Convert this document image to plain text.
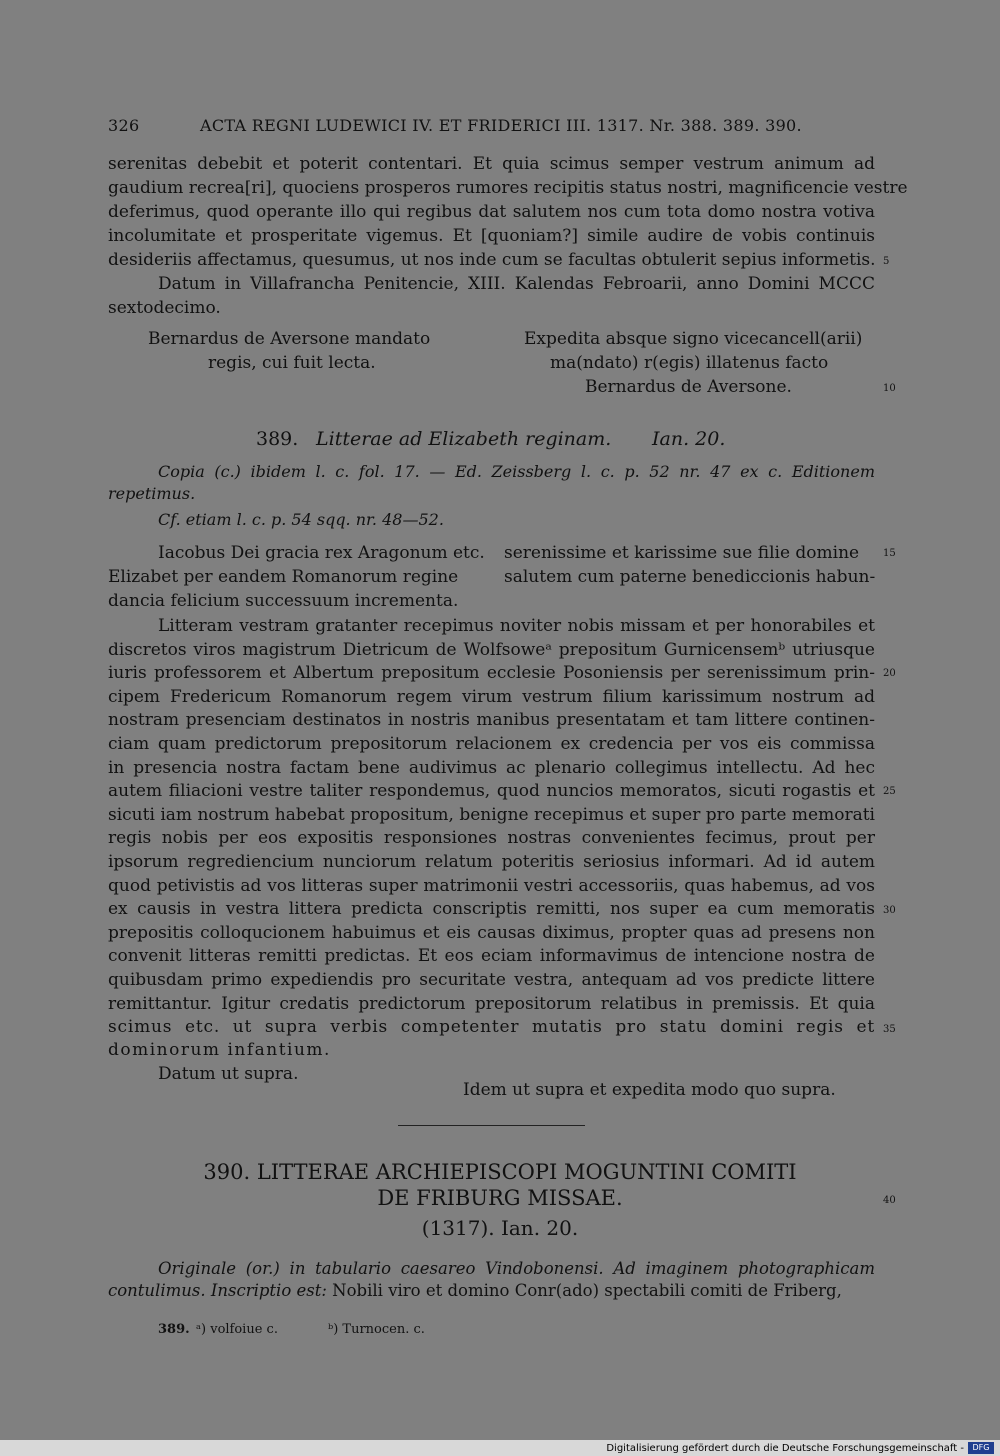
326	ACTA REGNI LUDEWICI IV. ET FRIDERICI III. 1317. Nr. 388. 389. 390.
serenitas debebit et poterit contentari. Et quia scimus semper vestrum animum ad
gaudium recrea[ri], quociens prosperos rumores recipitis status nostri, magnificencie vestre
deferimus, quod operante illo qui regibus dat salutem nos cum tota domo nostra votiva
incolumitate et prosperitate vigemus. Et [quoniam?] simile audire de vobis continuis
desideriis affectamus, quesumus, ut nos inde cum se facultas obtulerit sepius informetis.
Datum in Villafrancha Penitencie, XIII. Kalendas Febroarii, anno Domini MCCC
sextodecimo.
Bernardus de Aversone mandato
regis, cui fuit lecta.
Expedita absque signo vicecancell(arii)
ma(ndato) r(egis) illatenus facto
Bernardus de Aversone.
389. Litterae ad Elizabeth reginam. Ian. 20.
Copia (c.) ibidem l. c. fol. 17. — Ed. Zeissberg l. c. p. 52 nr. 47 ex c. Editionem
repetimus.
Cf. etiam l. c. p. 54 sqq. nr. 48—52.
Iacobus Dei gracia rex Aragonum etc.
Elizabet per eandem Romanorum regine
serenissime et karissime sue filie domine
salutem cum paterne benediccionis habun-
dancia felicium successuum incrementa.
Litteram vestram gratanter recepimus noviter nobis missam et per honorabiles et
discretos viros magistrum Dietricum de Wolfsoweᵃ prepositum Gurnicensemᵇ utriusque
iuris professorem et Albertum prepositum ecclesie Posoniensis per serenissimum prin-
cipem Fredericum Romanorum regem virum vestrum filium karissimum nostrum ad
nostram presenciam destinatos in nostris manibus presentatam et tam littere continen-
ciam quam predictorum prepositorum relacionem ex credencia per vos eis commissa
in presencia nostra factam bene audivimus ac plenario collegimus intellectu. Ad hec
autem filiacioni vestre taliter respondemus, quod nuncios memoratos, sicuti rogastis et
sicuti iam nostrum habebat propositum, benigne recepimus et super pro parte memorati
regis nobis per eos expositis responsiones nostras convenientes fecimus, prout per
ipsorum regrediencium nunciorum relatum poteritis seriosius informari. Ad id autem
quod petivistis ad vos litteras super matrimonii vestri accessoriis, quas habemus, ad vos
ex causis in vestra littera predicta conscriptis remitti, nos super ea cum memoratis
prepositis colloqucionem habuimus et eis causas diximus, propter quas ad presens non
convenit litteras remitti predictas. Et eos eciam informavimus de intencione nostra de
quibusdam primo expediendis pro securitate vestra, antequam ad vos predicte littere
remittantur. Igitur credatis predictorum prepositorum relatibus in premissis. Et quia
scimus etc. ut supra verbis competenter mutatis pro statu domini regis et
dominorum infantium.
Datum ut supra.
Idem ut supra et expedita modo quo supra.
390. LITTERAE ARCHIEPISCOPI MOGUNTINI COMITI
DE FRIBURG MISSAE.
(1317). Ian. 20.
Originale (or.) in tabulario caesareo Vindobonensi. Ad imaginem photographicam
contulimus. Inscriptio est: Nobili viro et domino Conr(ado) spectabili comiti de Friberg,
5
10
15
20
25
30
35
40
389. ᵃ) volfoiue c.	ᵇ) Turnocen. c.
Digitalisierung gefördert durch die Deutsche Forschungsgemeinschaft -	DFG
